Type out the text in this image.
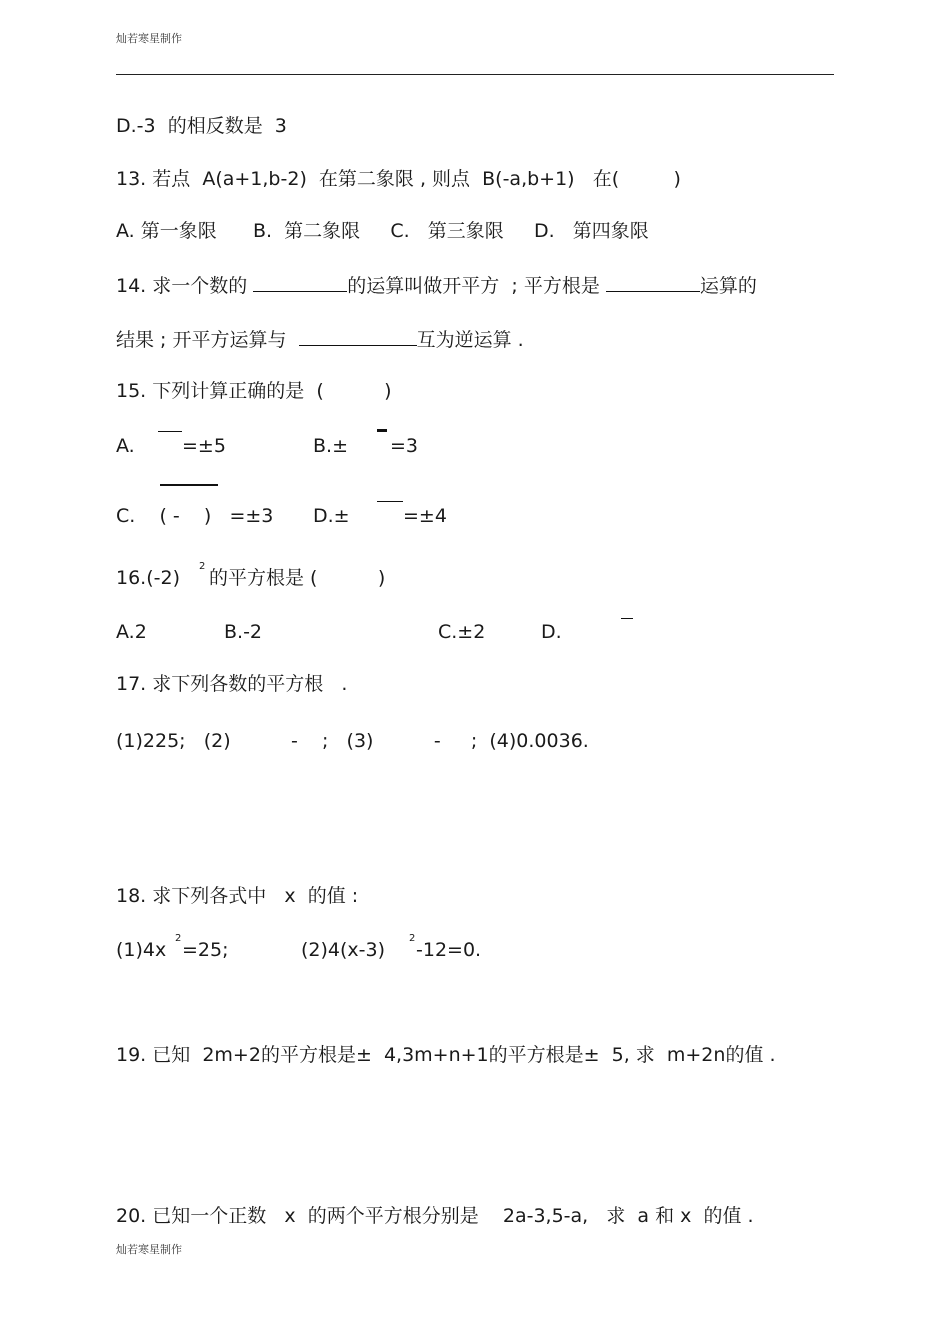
灿若寒星制作
D.-3  的相反数是  3
13. 若点  A(a+1,b-2)  在第二象限 , 则点  B(-a,b+1)   在(         )
A. 第一象限      B.  第二象限     C.   第三象限     D.   第四象限
14. 求一个数的	的运算叫做开平方  ; 平方根是	运算的
结果 ; 开平方运算与	互为逆运算 .
15. 下列计算正确的是  (          )
A. =±5	B.± =3
C.    ( -    )   =±3 D.±	=±4
16.(-2)
2
的平方根是 (          )
A.2	B.-2	C.±2	D.
17. 求下列各数的平方根   .
(1)225;   (2)          -    ;   (3)          -     ;  (4)0.0036.
18. 求下列各式中   x  的值 :
(1)4x
2
=25;	(2)4(x-3)
2
-12=0.
19. 已知  2m+2的平方根是±  4,3m+n+1的平方根是±  5, 求  m+2n的值 .
20. 已知一个正数   x  的两个平方根分别是    2a-3,5-a,   求  a 和 x  的值 .
灿若寒星制作
